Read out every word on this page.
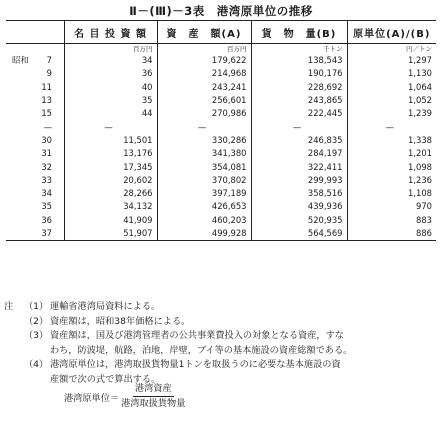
Ⅱ－(Ⅲ)－3表　港湾原単位の推移
	名 目 投 資 額	資　産　額(A)	貨　物　量(B)	原単位(A)/(B)
	百万円	百万円	千トン	円／トン

昭和 7	34	179,622	138,543	1,297

9	36	214,968	190,176	1,130

11	40	243,241	228,692	1,064

13	35	256,601	243,865	1,052

15	44	270,986	222,445	1,239

—	—	—	—	—

30	11,501	330,286	246,835	1,338

31	13,176	341,380	284,197	1,201

32	17,345	354,081	322,411	1,098

33	20,602	370,802	299,993	1,236

34	28,266	397,189	358,516	1,108

35	34,132	426,653	439,936	970

36	41,909	460,203	520,935	883

37	51,907	499,928	564,569	886
注	（1） 運輸省港湾局資料による。
（2） 資産額は，昭和38年価格による。
（3） 資産額は，国及び港湾管理者の公共事業費投入の対象となる資産，すな
わち，防波堤，航路，泊地，岸壁，ブイ等の基本施設の資産総額である。
（4） 港湾原単位は，港湾取扱貨物量1トンを取扱うのに必要な基本施設の資
産額で次の式で算出する。
港湾原単位＝ $\frac{\text{港湾資産}}{\text{港湾取扱貨物量}}$
